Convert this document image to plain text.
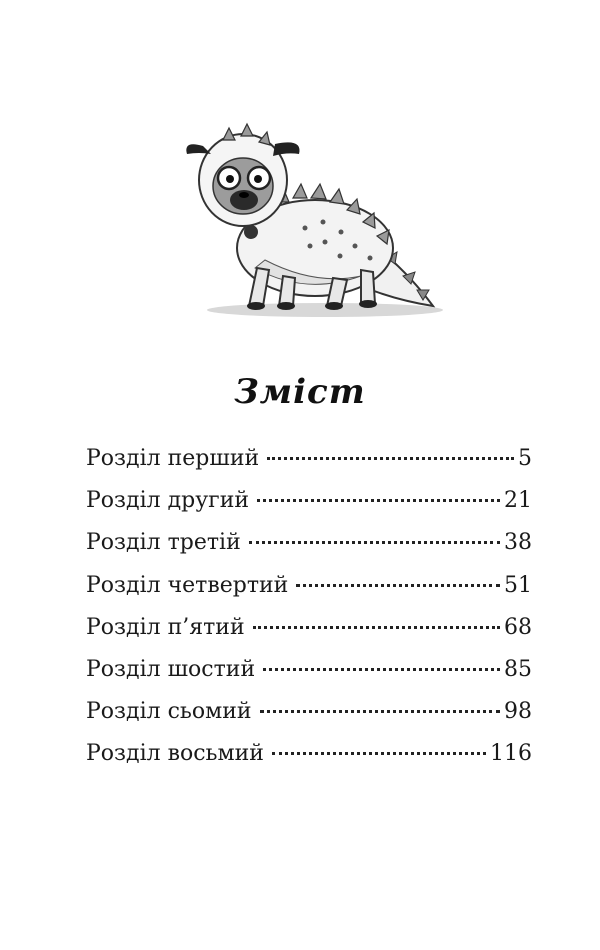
Зміст
Розділ перший	5
Розділ другий	21
Розділ третій	38
Розділ четвертий	51
Розділ п’ятий	68
Розділ шостий	85
Розділ сьомий	98
Розділ восьмий	116
